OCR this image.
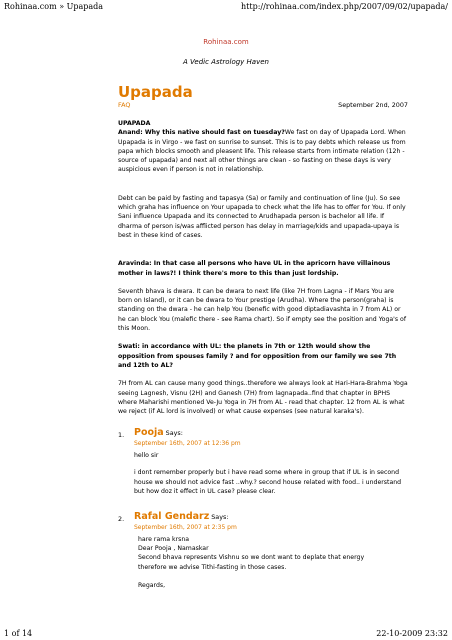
Rohinaa.com » Upapada	http://rohinaa.com/index.php/2007/09/02/upapada/
Rohinaa.com
A Vedic Astrology Haven
Upapada
FAQ	September 2nd, 2007
UPAPADA
Anand: Why this native should fast on tuesday?We fast on day of Upapada Lord. When Upapada is in Virgo - we fast on sunrise to sunset. This is to pay debts which release us from papa which blocks smooth and pleasent life. This release starts from intimate relation (12h - source of upapada) and next all other things are clean - so fasting on these days is very auspicious even if person is not in relationship.
Debt can be paid by fasting and tapasya (Sa) or family and continuation of line (Ju). So see which graha has influence on Your upapada to check what the life has to offer for You. If only Sani influence Upapada and its connected to Arudhapada person is bachelor all life. If dharma of person is/was afflicted person has delay in marriage/kids and upapada-upaya is best in these kind of cases.
Aravinda: In that case all persons who have UL in the apricorn have villainous mother in laws?! I think there's more to this than just lordship.
Seventh bhava is dwara. It can be dwara to next life (like 7H from Lagna - if Mars You are born on Island), or it can be dwara to Your prestige (Arudha). Where the person(graha) is standing on the dwara - he can help You (benefic with good diptadiavashta in 7 from AL) or he can block You (malefic there - see Rama chart). So if empty see the position and Yoga's of this Moon.
Swati: in accordance with UL: the planets in 7th or 12th would show the opposition from spouses family ? and for opposition from our family we see 7th and 12th to AL?
7H from AL can cause many good things..therefore we always look at Hari-Hara-Brahma Yoga seeing Lagnesh, Visnu (2H) and Ganesh (7H) from lagnapada..find that chapter in BPHS where Maharishi mentioned Ve-Ju Yoga in 7H from AL - read that chapter. 12 from AL is what we reject (if AL lord is involved) or what cause expenses (see natural karaka's).
1. Pooja Says:
September 16th, 2007 at 12:36 pm

hello sir

i dont remember properly but i have read some where in group that if UL is in second house we should not advice fast ..why.? second house related with food.. i understand but how doz it effect in UL case? please clear.

2. Rafal Gendarz Says:
September 16th, 2007 at 2:35 pm

hare rama krsna

Dear Pooja , Namaskar

Second bhava represents Vishnu so we dont want to deplate that energy

therefore we advise Tithi-fasting in those cases.

Regards,

1 of 14	22-10-2009 23:32
